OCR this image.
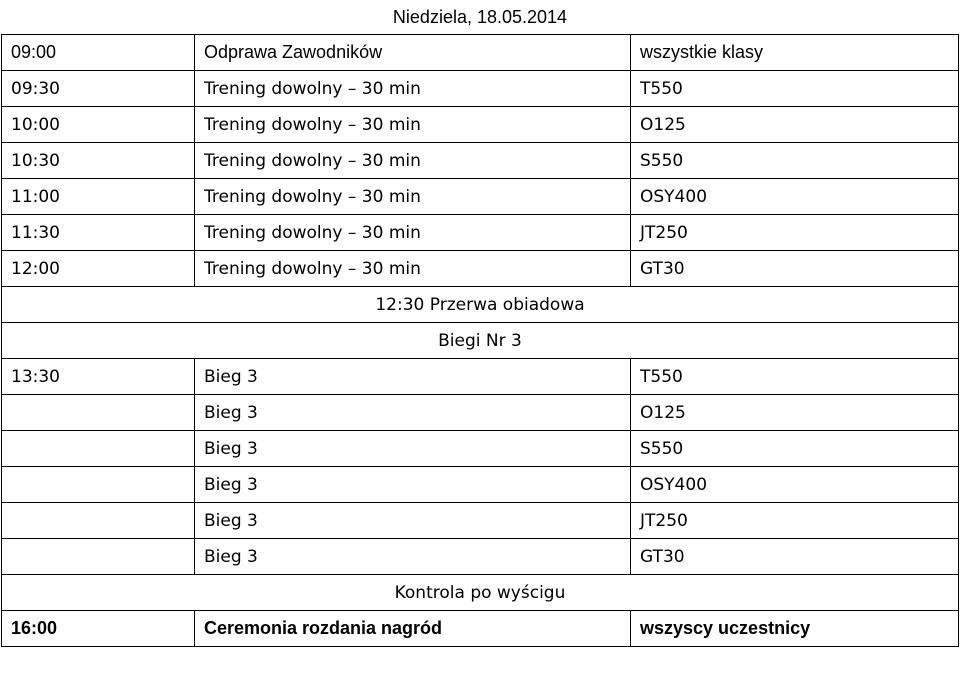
Niedziela, 18.05.2014
09:00	Odprawa Zawodników	wszystkie klasy
09:30	Trening dowolny – 30 min	T550
10:00	Trening dowolny – 30 min	O125
10:30	Trening dowolny – 30 min	S550
11:00	Trening dowolny – 30 min	OSY400
11:30	Trening dowolny – 30 min	JT250
12:00	Trening dowolny – 30 min	GT30
12:30 Przerwa obiadowa		
Biegi Nr 3		
13:30	Bieg 3	T550
	Bieg 3	O125
	Bieg 3	S550
	Bieg 3	OSY400
	Bieg 3	JT250
	Bieg 3	GT30
Kontrola po wyścigu		
16:00	Ceremonia rozdania nagród	wszyscy uczestnicy
